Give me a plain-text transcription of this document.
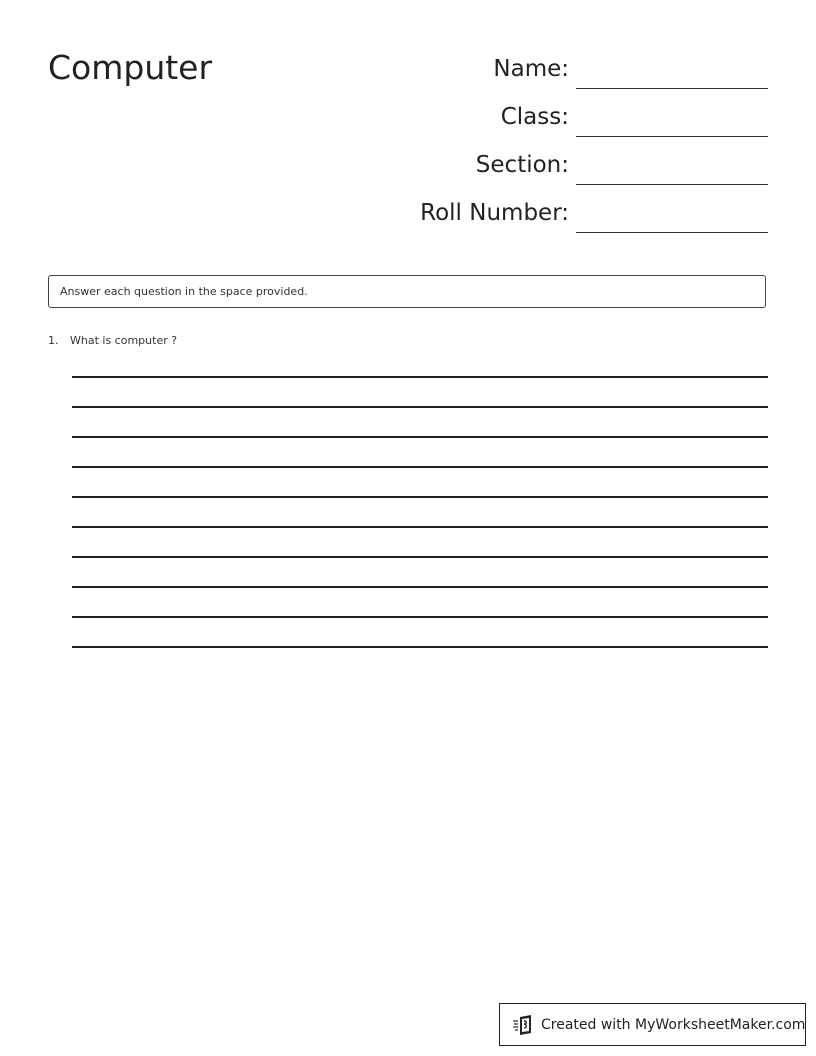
Computer	Name:
Class:
Section:
Roll Number:
Answer each question in the space provided.
1. What is computer ?
Created with MyWorksheetMaker.com
